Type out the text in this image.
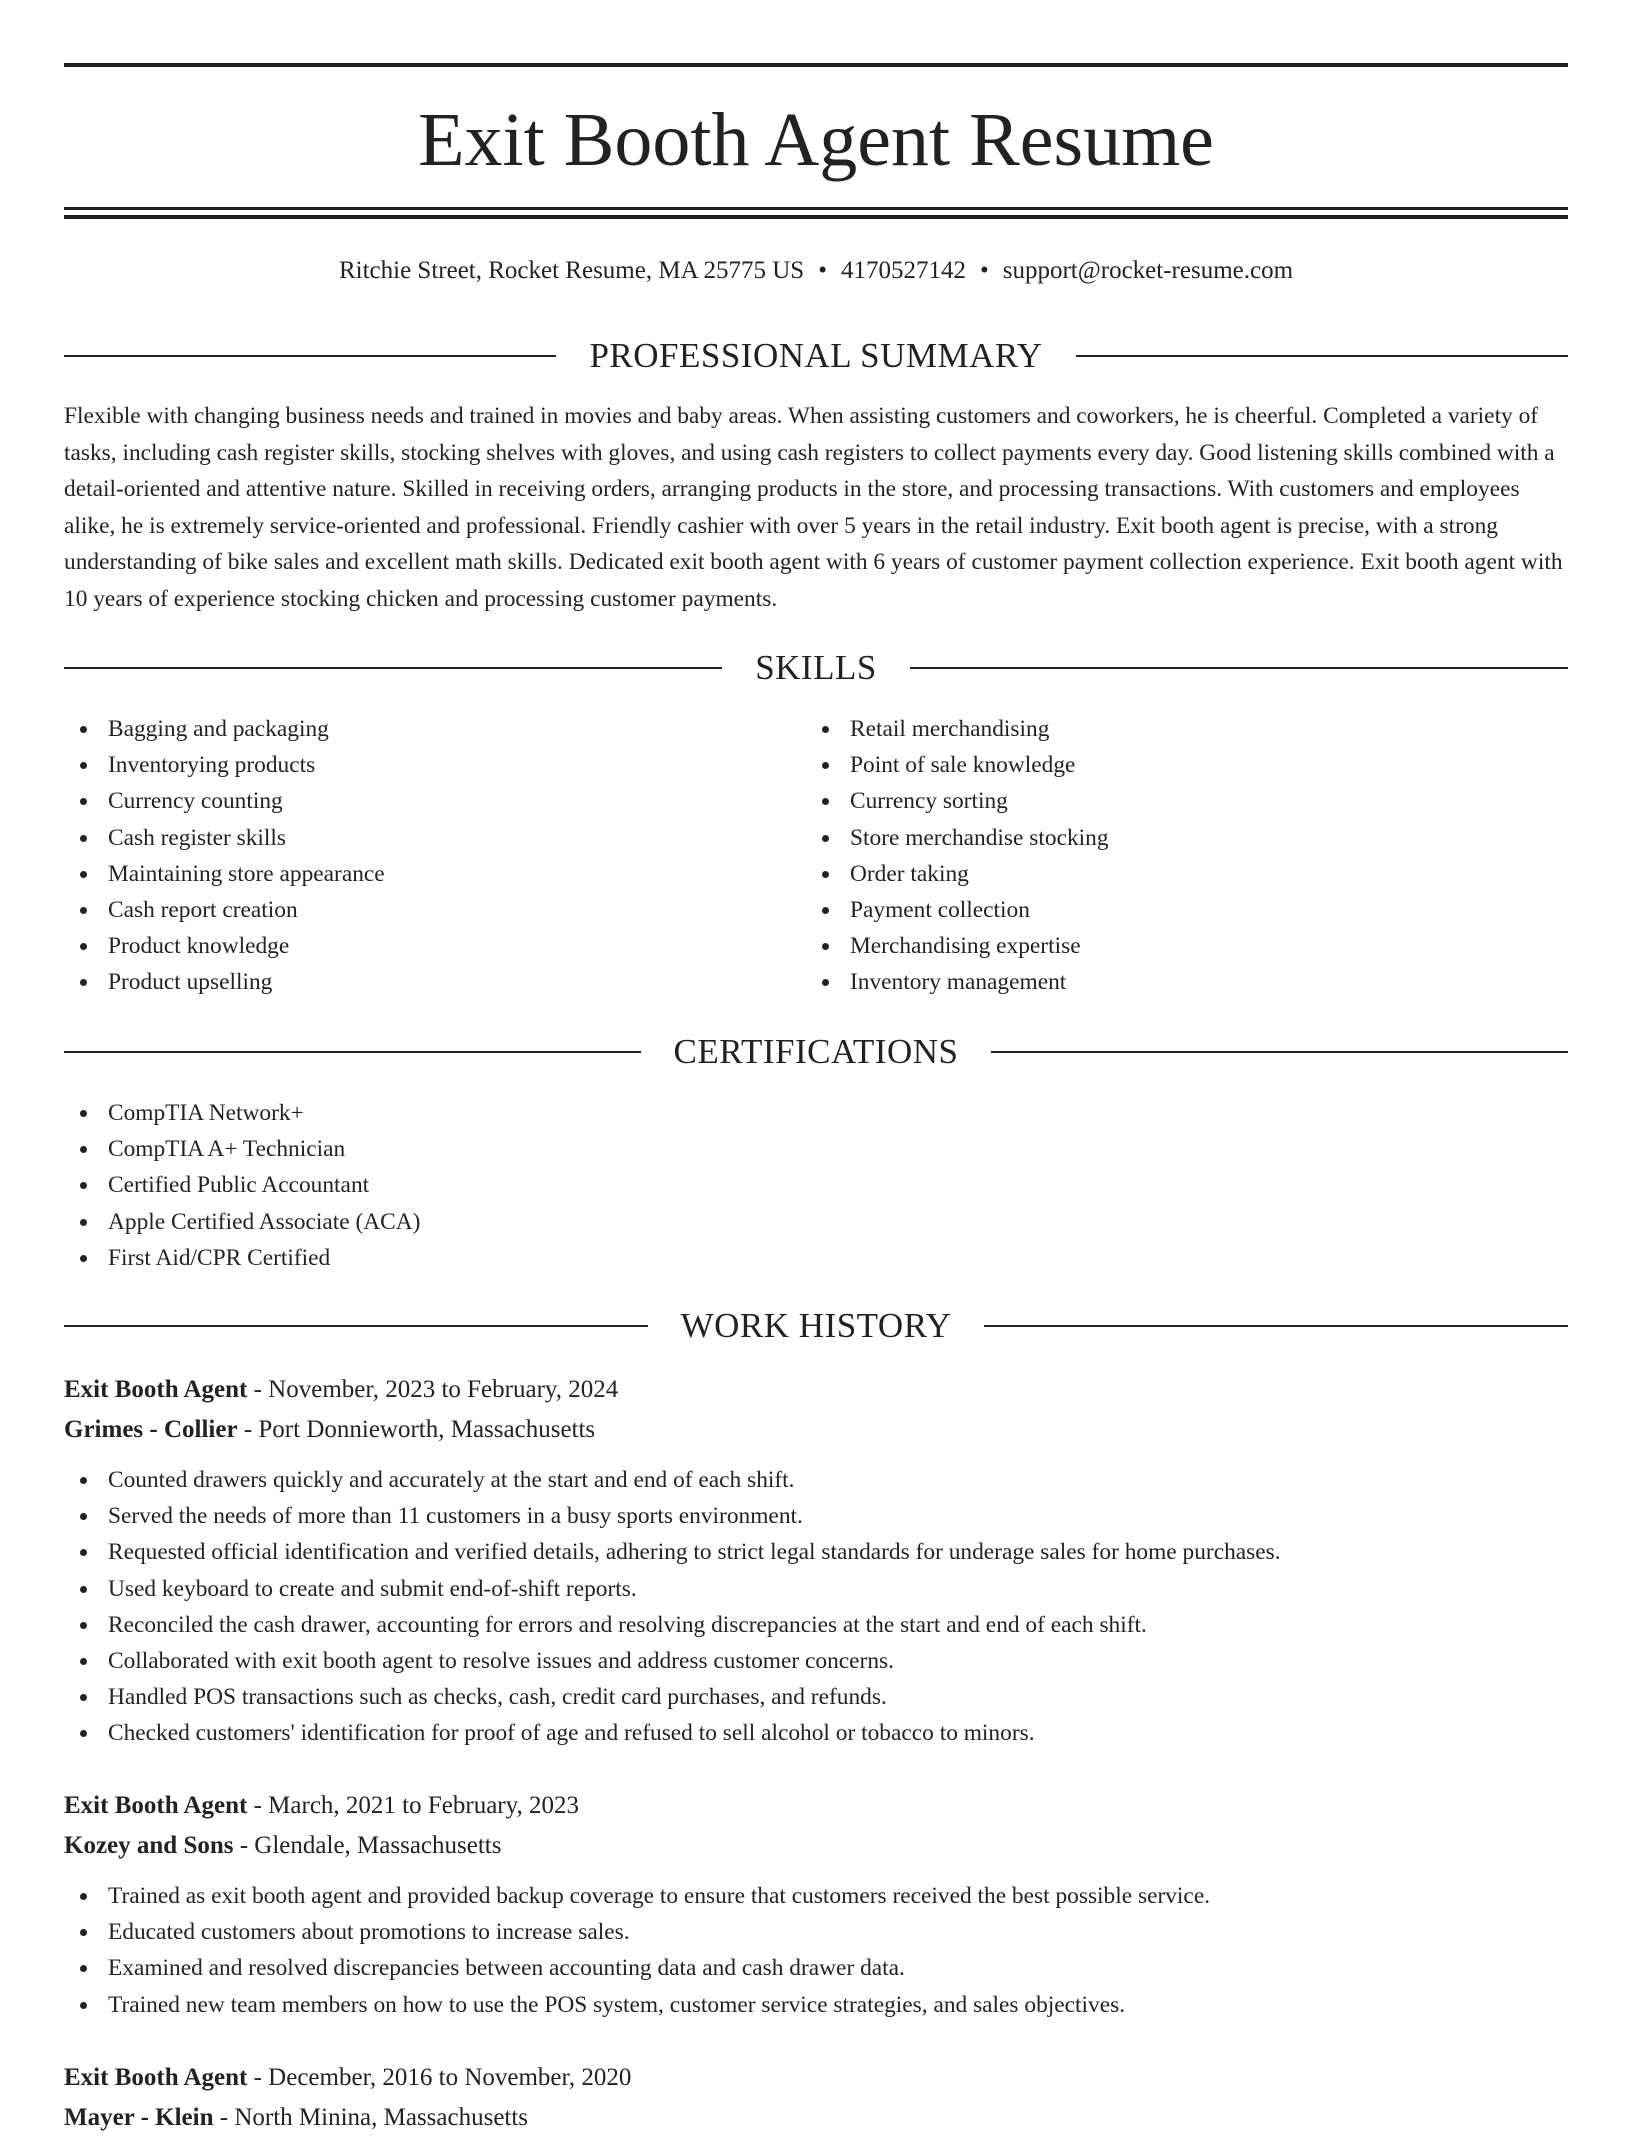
Exit Booth Agent Resume
Ritchie Street, Rocket Resume, MA 25775 US • 4170527142 • support@rocket-resume.com
PROFESSIONAL SUMMARY

Flexible with changing business needs and trained in movies and baby areas. When assisting customers and coworkers, he is cheerful. Completed a variety of tasks, including cash register skills, stocking shelves with gloves, and using cash registers to collect payments every day. Good listening skills combined with a detail-oriented and attentive nature. Skilled in receiving orders, arranging products in the store, and processing transactions. With customers and employees alike, he is extremely service-oriented and professional. Friendly cashier with over 5 years in the retail industry. Exit booth agent is precise, with a strong understanding of bike sales and excellent math skills. Dedicated exit booth agent with 6 years of customer payment collection experience. Exit booth agent with 10 years of experience stocking chicken and processing customer payments.

SKILLS
Bagging and packaging
Inventorying products
Currency counting
Cash register skills
Maintaining store appearance
Cash report creation
Product knowledge
Product upselling
Retail merchandising
Point of sale knowledge
Currency sorting
Store merchandise stocking
Order taking
Payment collection
Merchandising expertise
Inventory management
CERTIFICATIONS
CompTIA Network+
CompTIA A+ Technician
Certified Public Accountant
Apple Certified Associate (ACA)
First Aid/CPR Certified
WORK HISTORY
Exit Booth Agent - November, 2023 to February, 2024
Grimes - Collier - Port Donnieworth, Massachusetts
Counted drawers quickly and accurately at the start and end of each shift.
Served the needs of more than 11 customers in a busy sports environment.
Requested official identification and verified details, adhering to strict legal standards for underage sales for home purchases.
Used keyboard to create and submit end-of-shift reports.
Reconciled the cash drawer, accounting for errors and resolving discrepancies at the start and end of each shift.
Collaborated with exit booth agent to resolve issues and address customer concerns.
Handled POS transactions such as checks, cash, credit card purchases, and refunds.
Checked customers' identification for proof of age and refused to sell alcohol or tobacco to minors.
Exit Booth Agent - March, 2021 to February, 2023
Kozey and Sons - Glendale, Massachusetts
Trained as exit booth agent and provided backup coverage to ensure that customers received the best possible service.
Educated customers about promotions to increase sales.
Examined and resolved discrepancies between accounting data and cash drawer data.
Trained new team members on how to use the POS system, customer service strategies, and sales objectives.
Exit Booth Agent - December, 2016 to November, 2020
Mayer - Klein - North Minina, Massachusetts
